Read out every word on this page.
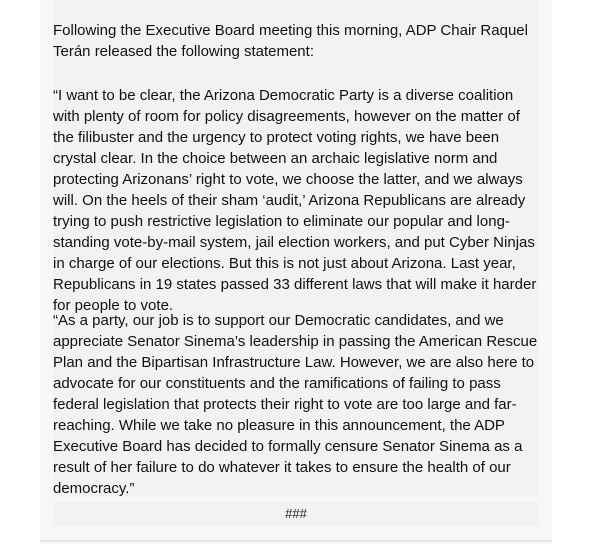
Following the Executive Board meeting this morning, ADP Chair Raquel Terán released the following statement:

“I want to be clear, the Arizona Democratic Party is a diverse coalition with plenty of room for policy disagreements, however on the matter of the filibuster and the urgency to protect voting rights, we have been crystal clear. In the choice between an archaic legislative norm and protecting Arizonans’ right to vote, we choose the latter, and we always will. On the heels of their sham ‘audit,’ Arizona Republicans are already trying to push restrictive legislation to eliminate our popular and long-standing vote-by-mail system, jail election workers, and put Cyber Ninjas in charge of our elections. But this is not just about Arizona. Last year, Republicans in 19 states passed 33 different laws that will make it harder for people to vote.

“As a party, our job is to support our Democratic candidates, and we appreciate Senator Sinema’s leadership in passing the American Rescue Plan and the Bipartisan Infrastructure Law. However, we are also here to advocate for our constituents and the ramifications of failing to pass federal legislation that protects their right to vote are too large and far-reaching. While we take no pleasure in this announcement, the ADP Executive Board has decided to formally censure Senator Sinema as a result of her failure to do whatever it takes to ensure the health of our democracy.”

###
